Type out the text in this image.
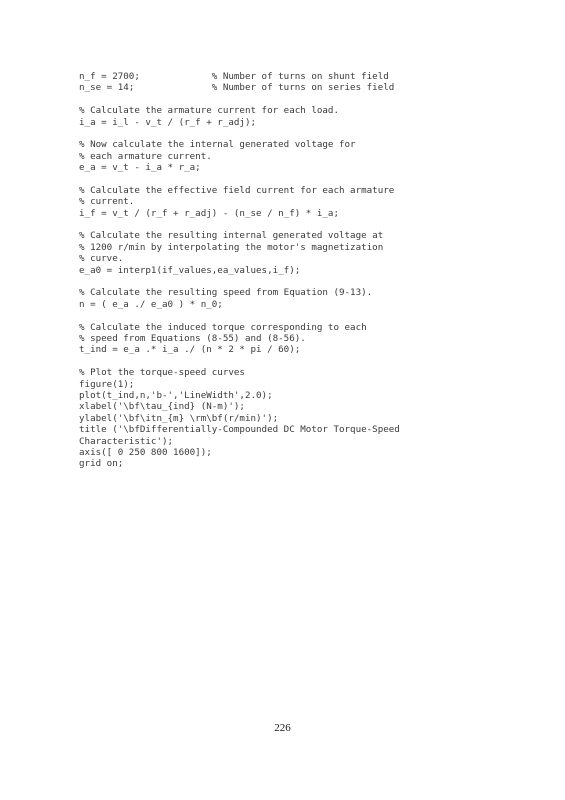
n_f = 2700;             % Number of turns on shunt field
n_se = 14;              % Number of turns on series field
% Calculate the armature current for each load.
i_a = i_l - v_t / (r_f + r_adj);
% Now calculate the internal generated voltage for
% each armature current.
e_a = v_t - i_a * r_a;
% Calculate the effective field current for each armature
% current.
i_f = v_t / (r_f + r_adj) - (n_se / n_f) * i_a;
% Calculate the resulting internal generated voltage at
% 1200 r/min by interpolating the motor's magnetization
% curve.
e_a0 = interp1(if_values,ea_values,i_f);
% Calculate the resulting speed from Equation (9-13).
n = ( e_a ./ e_a0 ) * n_0;
% Calculate the induced torque corresponding to each
% speed from Equations (8-55) and (8-56).
t_ind = e_a .* i_a ./ (n * 2 * pi / 60);
% Plot the torque-speed curves
figure(1);
plot(t_ind,n,'b-','LineWidth',2.0);
xlabel('\bf\tau_{ind} (N-m)');
ylabel('\bf\itn_{m} \rm\bf(r/min)');
title ('\bfDifferentially-Compounded DC Motor Torque-Speed
Characteristic');
axis([ 0 250 800 1600]);
grid on;
226
